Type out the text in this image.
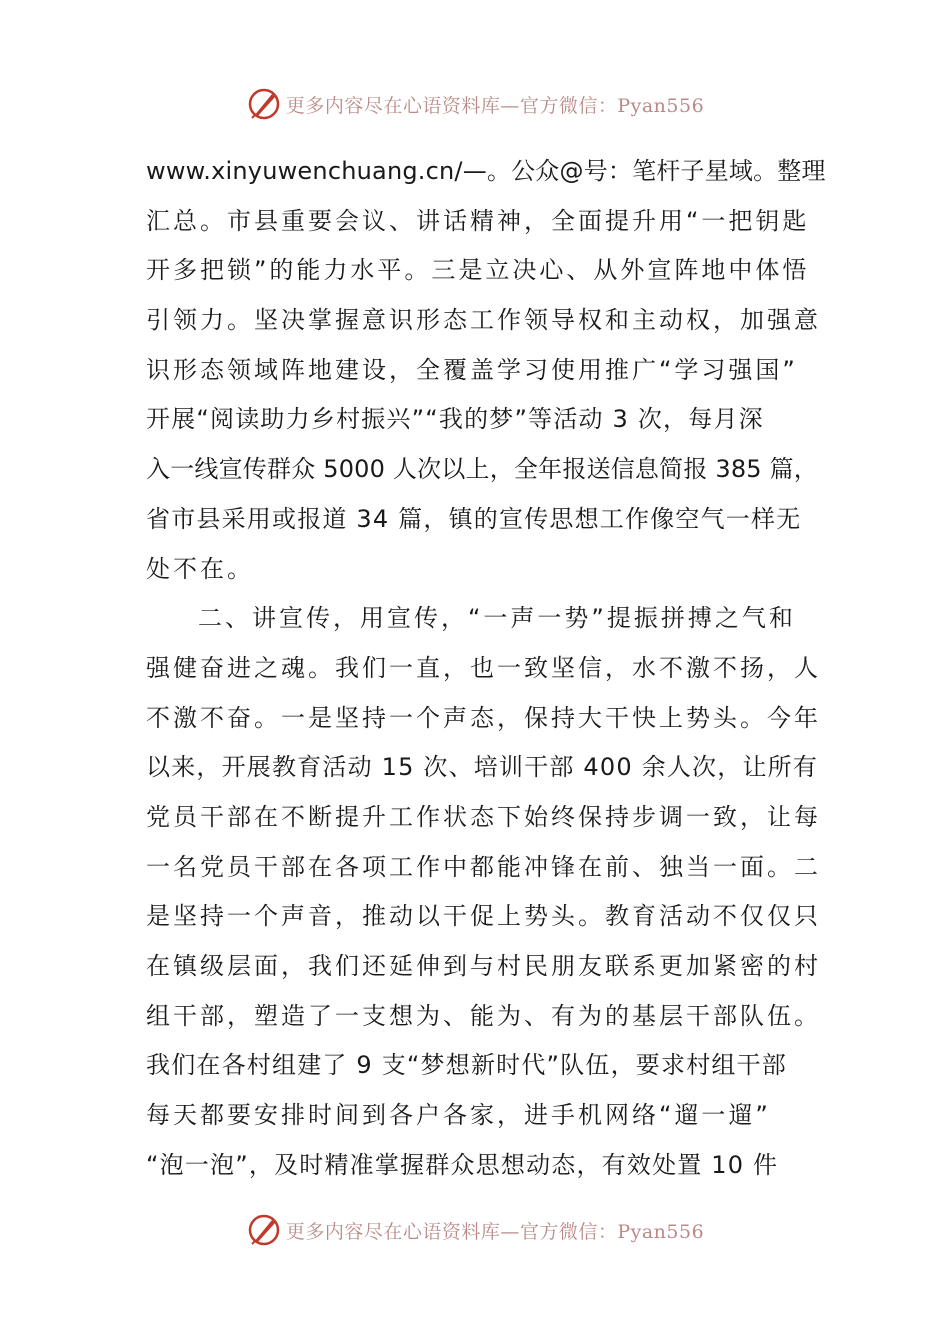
更多内容尽在心语资料库—官方微信：Pyan556
www.xinyuwenchuang.cn/—。公众@号：笔杆子星域。整理
汇总。市县重要会议、讲话精神，全面提升用“一把钥匙
开多把锁”的能力水平。三是立决心、从外宣阵地中体悟
引领力。坚决掌握意识形态工作领导权和主动权，加强意
识形态领域阵地建设，全覆盖学习使用推广“学习强国”
开展“阅读助力乡村振兴”“我的梦”等活动 3 次，每月深
入一线宣传群众 5000 人次以上，全年报送信息简报 385 篇，
省市县采用或报道 34 篇，镇的宣传思想工作像空气一样无
处不在。
二、讲宣传，用宣传，“一声一势”提振拼搏之气和
强健奋进之魂。我们一直，也一致坚信，水不激不扬，人
不激不奋。一是坚持一个声态，保持大干快上势头。今年
以来，开展教育活动 15 次、培训干部 400 余人次，让所有
党员干部在不断提升工作状态下始终保持步调一致，让每
一名党员干部在各项工作中都能冲锋在前、独当一面。二
是坚持一个声音，推动以干促上势头。教育活动不仅仅只
在镇级层面，我们还延伸到与村民朋友联系更加紧密的村
组干部，塑造了一支想为、能为、有为的基层干部队伍。
我们在各村组建了 9 支“梦想新时代”队伍，要求村组干部
每天都要安排时间到各户各家，进手机网络“遛一遛”
“泡一泡”，及时精准掌握群众思想动态，有效处置 10 件
更多内容尽在心语资料库—官方微信：Pyan556
